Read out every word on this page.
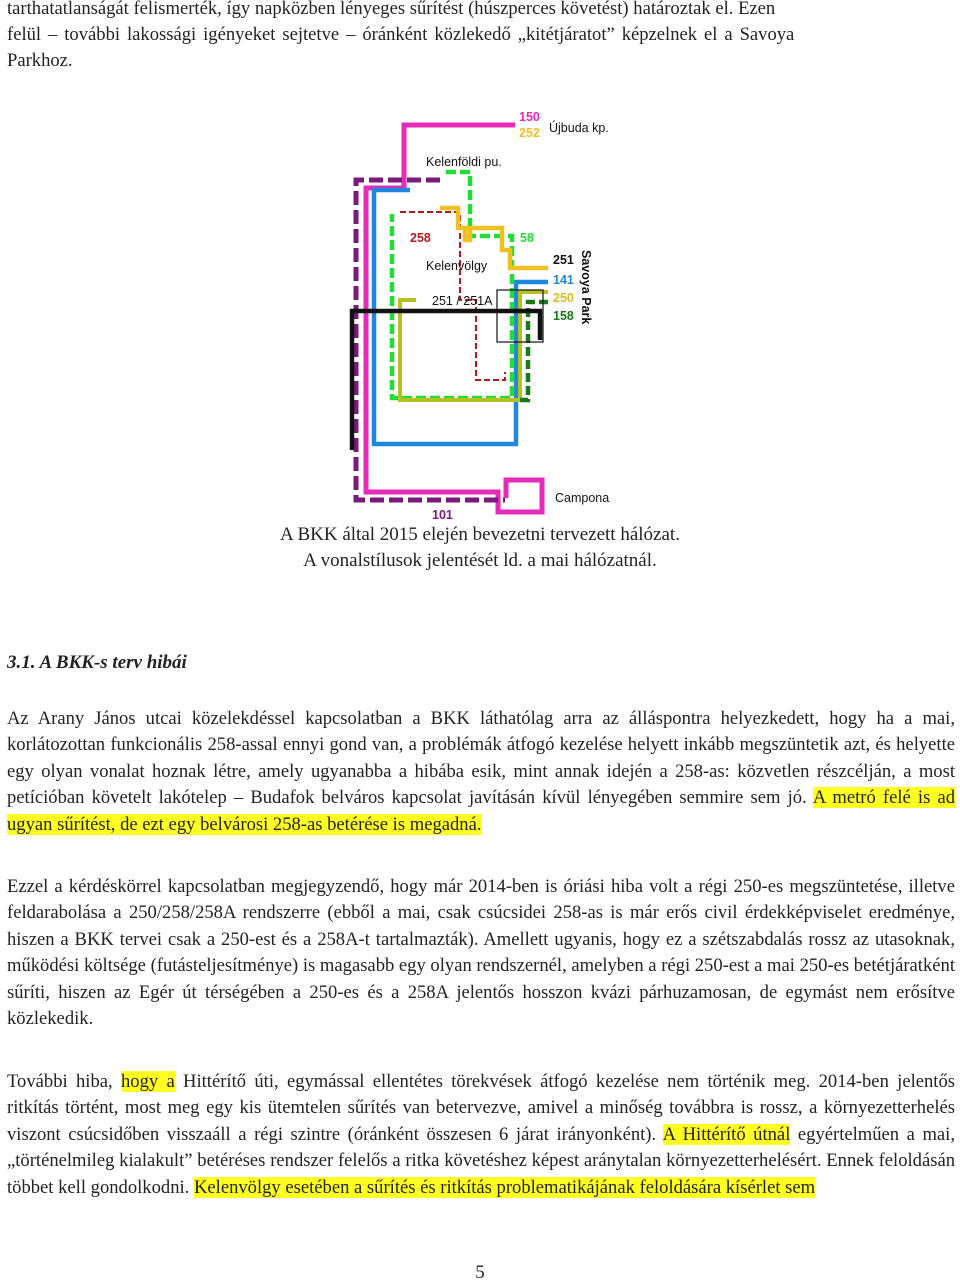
tarthatatlanságát felismerték, így napközben lényeges sűrítést (húszperces követést) határoztak el. Ezen

felül – további lakossági igényeket sejtetve – óránként közlekedő „kitétjáratot” képzelnek el a Savoya

Parkhoz.

150
252 Újbuda kp.
Kelenföldi pu.
258	58
Kelenvölgy
251 / 251A
251
141
250
158 Savoya Park
Campona
101
A BKK által 2015 elején bevezetni tervezett hálózat.
A vonalstílusok jelentését ld. a mai hálózatnál.
3.1. A BKK-s terv hibái

Az Arany János utcai közelekdéssel kapcsolatban a BKK láthatólag arra az álláspontra helyezkedett, hogy ha a mai, korlátozottan funkcionális 258-assal ennyi gond van, a problémák átfogó kezelése helyett inkább megszüntetik azt, és helyette egy olyan vonalat hoznak létre, amely ugyanabba a hibába esik, mint annak idején a 258-as: közvetlen részcélján, a most petícióban követelt lakótelep – Budafok belváros kapcsolat javításán kívül lényegében semmire sem jó. A metró felé is ad ugyan sűrítést, de ezt egy belvárosi 258-as betérése is megadná.

Ezzel a kérdéskörrel kapcsolatban megjegyzendő, hogy már 2014-ben is óriási hiba volt a régi 250-es megszüntetése, illetve feldarabolása a 250/258/258A rendszerre (ebből a mai, csak csúcsidei 258-as is már erős civil érdekképviselet eredménye, hiszen a BKK tervei csak a 250-est és a 258A-t tartalmazták). Amellett ugyanis, hogy ez a szétszabdalás rossz az utasoknak, működési költsége (futásteljesítménye) is magasabb egy olyan rendszernél, amelyben a régi 250-est a mai 250-es betétjáratként sűríti, hiszen az Egér út térségében a 250-es és a 258A jelentős hosszon kvázi párhuzamosan, de egymást nem erősítve közlekedik.

További hiba, hogy a Hittérítő úti, egymással ellentétes törekvések átfogó kezelése nem történik meg. 2014-ben jelentős ritkítás történt, most meg egy kis ütemtelen sűrítés van betervezve, amivel a minőség továbbra is rossz, a környezetterhelés viszont csúcsidőben visszaáll a régi szintre (óránként összesen 6 járat irányonként). A Hittérítő útnál egyértelműen a mai, „történelmileg kialakult” betéréses rendszer felelős a ritka követéshez képest aránytalan környezetterhelésért. Ennek feloldásán többet kell gondolkodni. Kelenvölgy esetében a sűrítés és ritkítás problematikájának feloldására kísérlet sem

5
